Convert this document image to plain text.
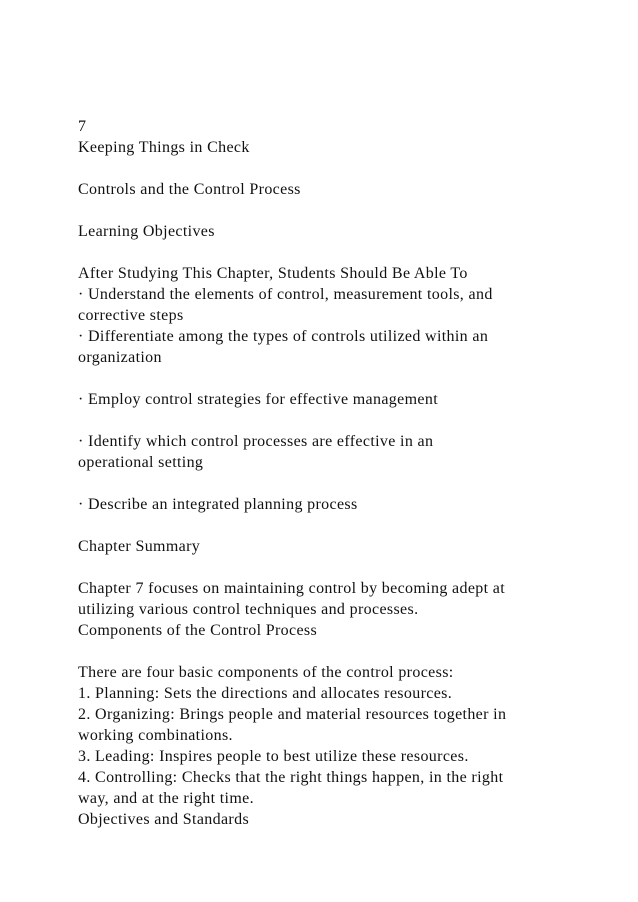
7
Keeping Things in Check
Controls and the Control Process
Learning Objectives
After Studying This Chapter, Students Should Be Able To
· Understand the elements of control, measurement tools, and
corrective steps
· Differentiate among the types of controls utilized within an
organization
· Employ control strategies for effective management
· Identify which control processes are effective in an
operational setting
· Describe an integrated planning process
Chapter Summary
Chapter 7 focuses on maintaining control by becoming adept at
utilizing various control techniques and processes.
Components of the Control Process
There are four basic components of the control process:
1. Planning: Sets the directions and allocates resources.
2. Organizing: Brings people and material resources together in
working combinations.
3. Leading: Inspires people to best utilize these resources.
4. Controlling: Checks that the right things happen, in the right
way, and at the right time.
Objectives and Standards
